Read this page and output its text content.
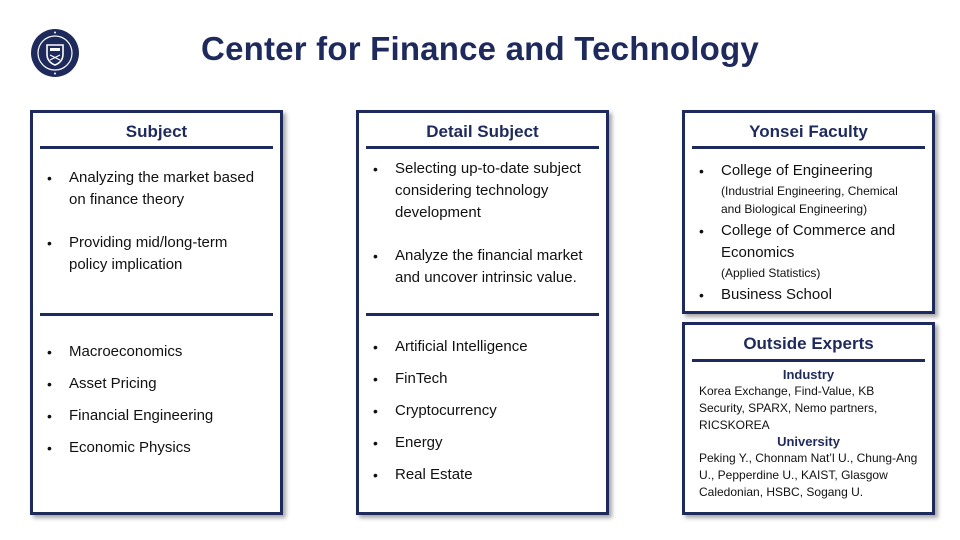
Center for Finance and Technology
Subject
• Analyzing the market based on finance theory
• Providing mid/long-term policy implication
• Macroeconomics
• Asset Pricing
• Financial Engineering
• Economic Physics
Detail Subject
• Selecting up-to-date subject considering technology development
• Analyze the financial market and uncover intrinsic value.
• Artificial Intelligence
• FinTech
• Cryptocurrency
• Energy
• Real Estate
Yonsei Faculty
• College of Engineering
(Industrial Engineering, Chemical and Biological Engineering)
• College of Commerce and Economics
(Applied Statistics)
• Business School
Outside Experts
Industry
Korea Exchange, Find-Value, KB Security, SPARX, Nemo partners, RICSKOREA
University
Peking Y., Chonnam Nat’l U., Chung-Ang U., Pepperdine U., KAIST, Glasgow Caledonian, HSBC, Sogang U.
